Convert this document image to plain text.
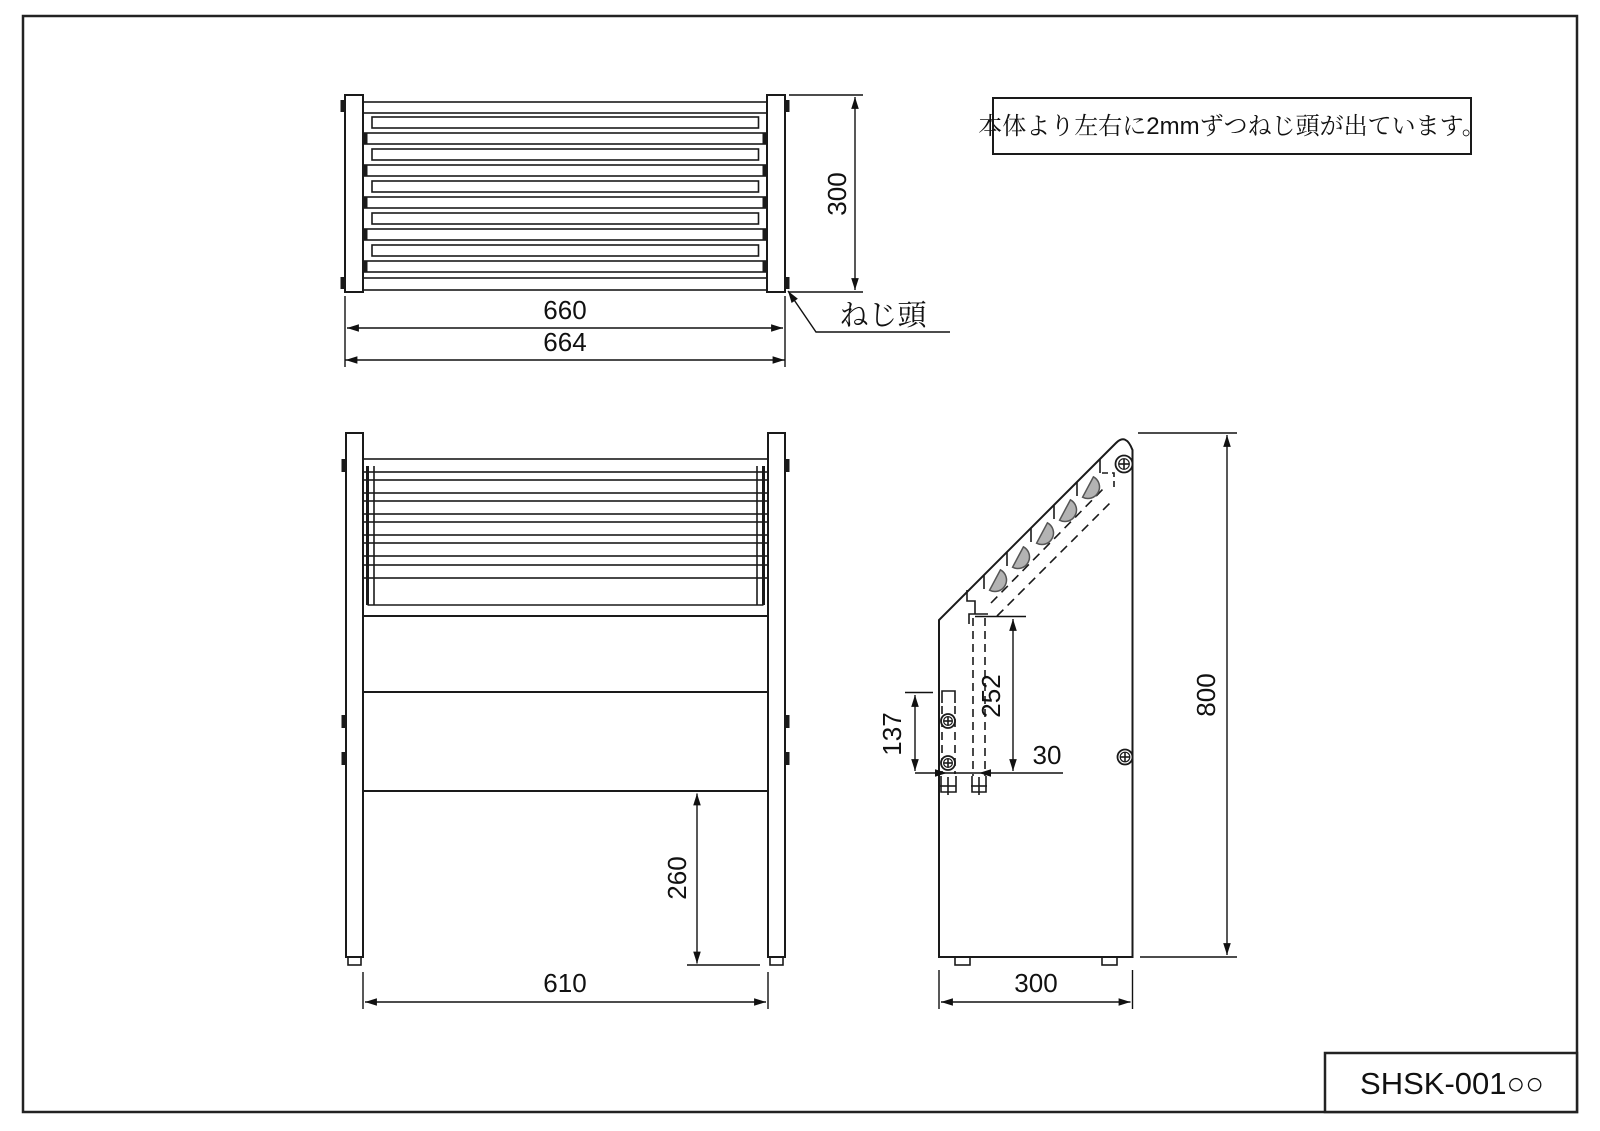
660
664
300
ねじ頭
本体より左右に2mmずつねじ頭が出ています。
260
610
800
300
252
137	30
SHSK-001○○
